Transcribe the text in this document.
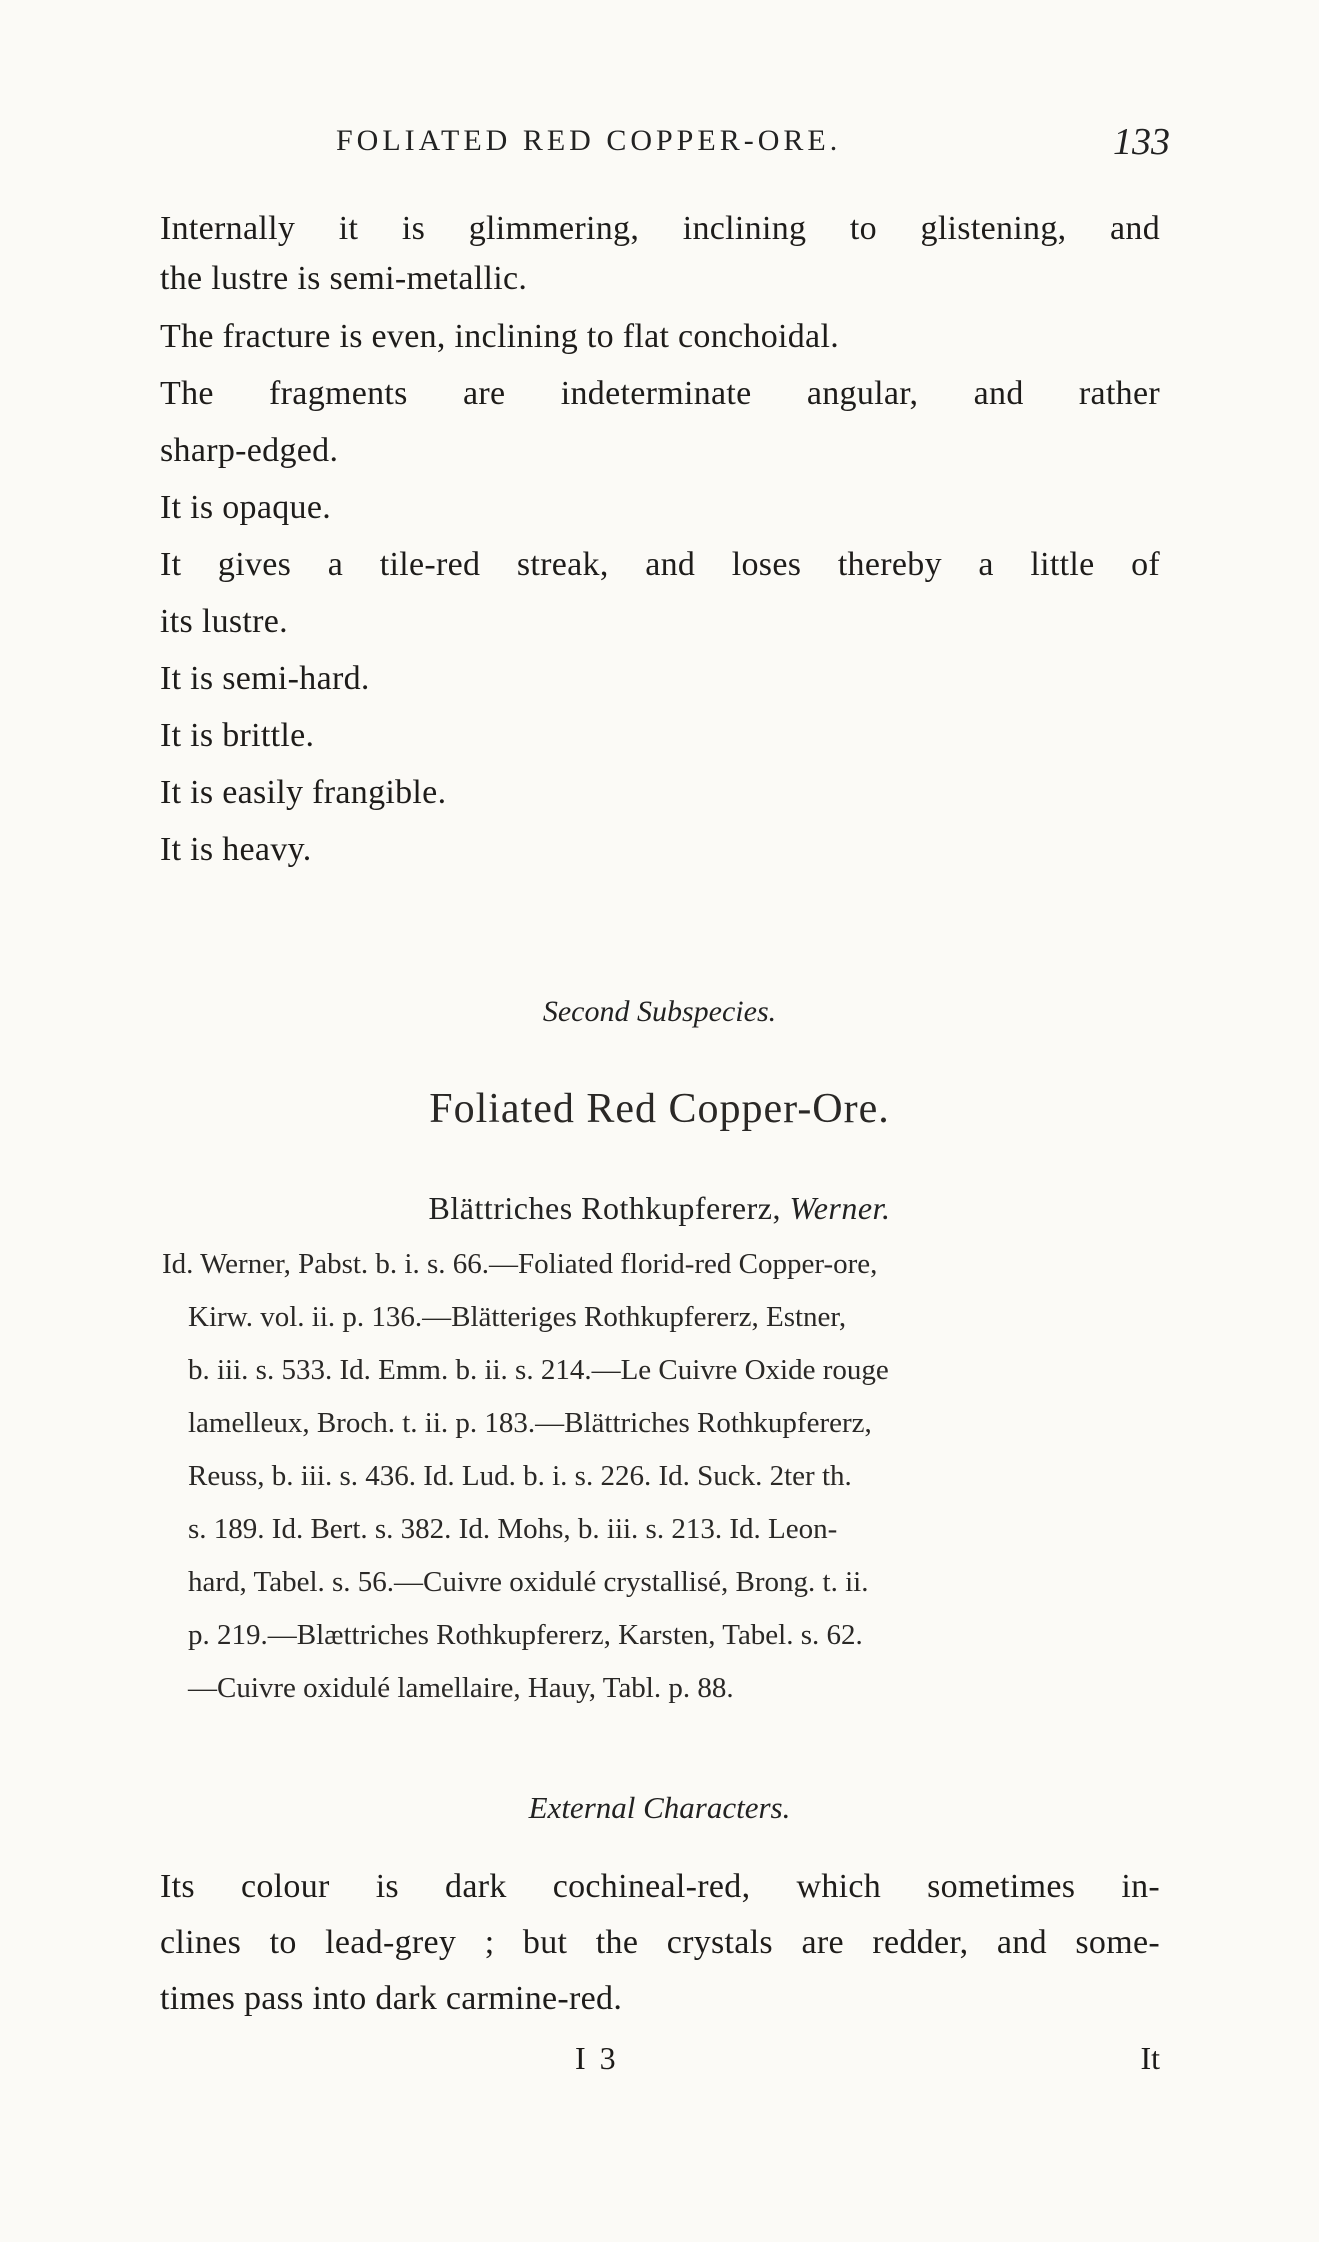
FOLIATED RED COPPER-ORE.	133
Internally it is glimmering, inclining to glistening, and
the lustre is semi-metallic.
The fracture is even, inclining to flat conchoidal.
The fragments are indeterminate angular, and rather
sharp-edged.
It is opaque.
It gives a tile-red streak, and loses thereby a little of
its lustre.
It is semi-hard.
It is brittle.
It is easily frangible.
It is heavy.
Second Subspecies.
Foliated Red Copper-Ore.
Blättriches Rothkupfererz, Werner.
Id. Werner, Pabst. b. i. s. 66.—Foliated florid-red Copper-ore,
Kirw. vol. ii. p. 136.—Blätteriges Rothkupfererz, Estner,
b. iii. s. 533. Id. Emm. b. ii. s. 214.—Le Cuivre Oxide rouge
lamelleux, Broch. t. ii. p. 183.—Blättriches Rothkupfererz,
Reuss, b. iii. s. 436. Id. Lud. b. i. s. 226. Id. Suck. 2ter th.
s. 189. Id. Bert. s. 382. Id. Mohs, b. iii. s. 213. Id. Leon-
hard, Tabel. s. 56.—Cuivre oxidulé crystallisé, Brong. t. ii.
p. 219.—Blættriches Rothkupfererz, Karsten, Tabel. s. 62.
—Cuivre oxidulé lamellaire, Hauy, Tabl. p. 88.
External Characters.
Its colour is dark cochineal-red, which sometimes in-
clines to lead-grey ; but the crystals are redder, and some-
times pass into dark carmine-red.
I 3	It
